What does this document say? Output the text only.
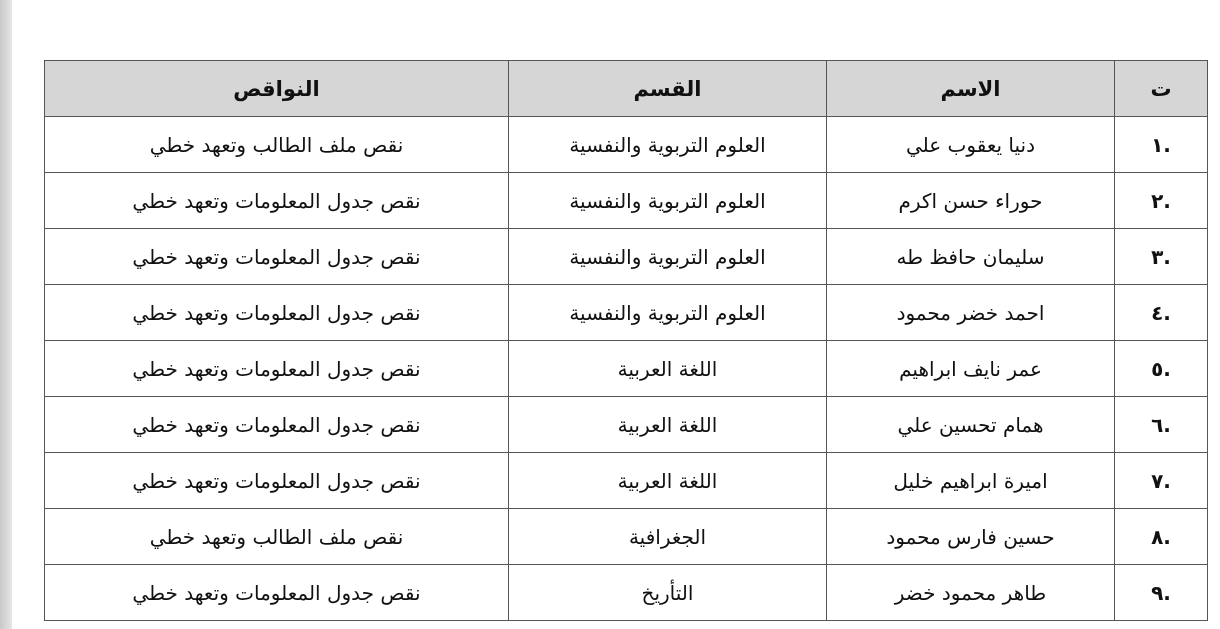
ت	الاسم	القسم	النواقص
.١	دنيا يعقوب علي	العلوم التربوية والنفسية	نقص ملف الطالب وتعهد خطي
.٢	حوراء حسن اكرم	العلوم التربوية والنفسية	نقص جدول المعلومات وتعهد خطي
.٣	سليمان حافظ طه	العلوم التربوية والنفسية	نقص جدول المعلومات وتعهد خطي
.٤	احمد خضر محمود	العلوم التربوية والنفسية	نقص جدول المعلومات وتعهد خطي
.٥	عمر نايف ابراهيم	اللغة العربية	نقص جدول المعلومات وتعهد خطي
.٦	همام تحسين علي	اللغة العربية	نقص جدول المعلومات وتعهد خطي
.٧	اميرة ابراهيم خليل	اللغة العربية	نقص جدول المعلومات وتعهد خطي
.٨	حسين فارس محمود	الجغرافية	نقص ملف الطالب وتعهد خطي
.٩	طاهر محمود خضر	التأريخ	نقص جدول المعلومات وتعهد خطي
